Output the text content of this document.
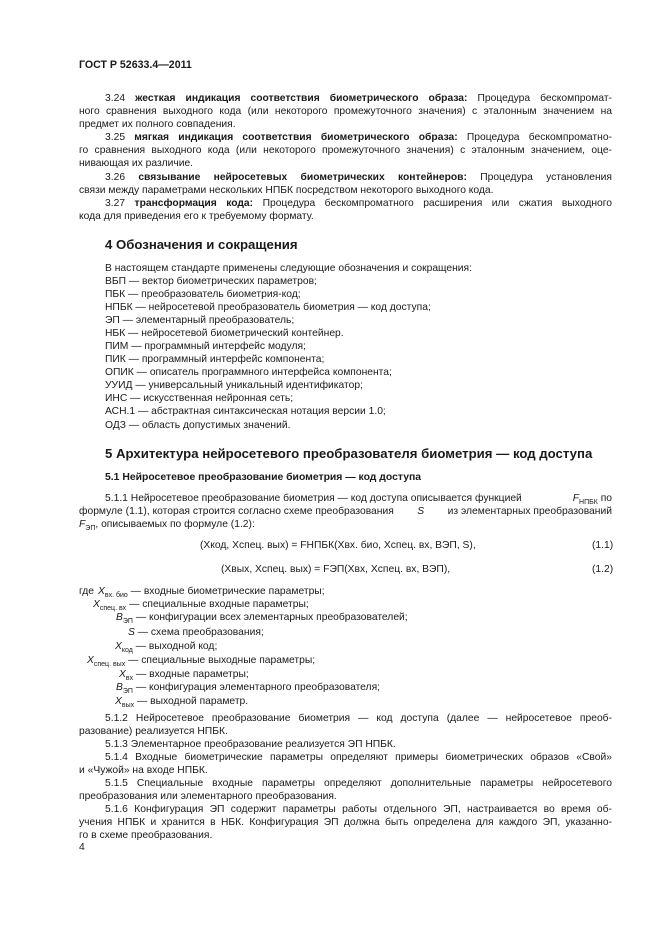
ГОСТ Р 52633.4—2011
3.24 жесткая индикация соответствия биометрического образа: Процедура бескомпромат-
ного сравнения выходного кода (или некоторого промежуточного значения) с эталонным значением на
предмет их полного совпадения.
3.25 мягкая индикация соответствия биометрического образа: Процедура бескомпроматно-
го сравнения выходного кода (или некоторого промежуточного значения) с эталонным значением, оце-
нивающая их различие.
3.26 связывание нейросетевых биометрических контейнеров: Процедура установления
связи между параметрами нескольких НПБК посредством некоторого выходного кода.
3.27 трансформация кода: Процедура бескомпроматного расширения или сжатия выходного
кода для приведения его к требуемому формату.
4 Обозначения и сокращения
В настоящем стандарте применены следующие обозначения и сокращения:
ВБП — вектор биометрических параметров;
ПБК — преобразователь биометрия-код;
НПБК — нейросетевой преобразователь биометрия — код доступа;
ЭП — элементарный преобразователь;
НБК — нейросетевой биометрический контейнер.
ПИМ — программный интерфейс модуля;
ПИК — программный интерфейс компонента;
ОПИК — описатель программного интерфейса компонента;
УУИД — универсальный уникальный идентификатор;
ИНС — искусственная нейронная сеть;
АСН.1 — абстрактная синтаксическая нотация версии 1.0;
ОДЗ — область допустимых значений.
5 Архитектура нейросетевого преобразователя биометрия — код доступа
5.1 Нейросетевое преобразование биометрия — код доступа
5.1.1 Нейросетевое преобразование биометрия — код доступа описывается функцией	$F_{НПБК}$ по
формуле (1.1), которая строится согласно схеме преобразования S из элементарных преобразований
$F_{ЭП}$, описываемых по формуле (1.2):
(Xкод, Xспец. вых) = FНПБК(Xвх. био, Xспец. вх, BЭП, S),	(1.1)
(Xвых, Xспец. вых) = FЭП(Xвх, Xспец. вх, BЭП),	(1.2)
где $X_{вх. био}$ — входные биометрические параметры;
$X_{спец. вх}$ — специальные входные параметры;
$B_{ЭП}$ — конфигурации всех элементарных преобразователей;
S — схема преобразования;
$X_{код}$ — выходной код;
$X_{спец. вых}$ — специальные выходные параметры;
$X_{вх}$ — входные параметры;
$B_{ЭП}$ — конфигурация элементарного преобразователя;
$X_{вых}$ — выходной параметр.
5.1.2 Нейросетевое преобразование биометрия — код доступа (далее — нейросетевое преоб-
разование) реализуется НПБК.
5.1.3 Элементарное преобразование реализуется ЭП НПБК.
5.1.4 Входные биометрические параметры определяют примеры биометрических образов «Свой»
и «Чужой» на входе НПБК.
5.1.5 Специальные входные параметры определяют дополнительные параметры нейросетевого
преобразования или элементарного преобразования.
5.1.6 Конфигурация ЭП содержит параметры работы отдельного ЭП, настраивается во время об-
учения НПБК и хранится в НБК. Конфигурация ЭП должна быть определена для каждого ЭП, указанно-
го в схеме преобразования.
4
